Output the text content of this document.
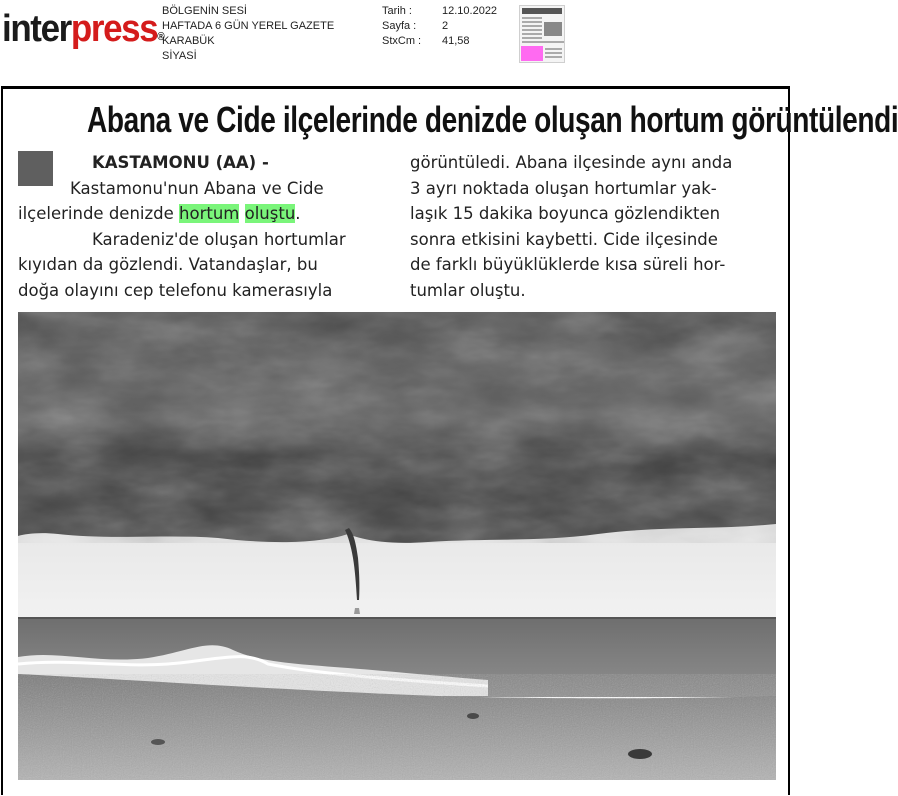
interpress®
BÖLGENİN SESİ
HAFTADA 6 GÜN YEREL GAZETE
KARABÜK
SİYASİ
Tarih :	12.10.2022
Sayfa :	2
StxCm :	41,58
Abana ve Cide ilçelerinde denizde oluşan hortum görüntülendi
KASTAMONU (AA) -
Kastamonu'nun Abana ve Cide
ilçelerinde denizde hortum oluştu.
Karadeniz'de oluşan hortumlar
kıyıdan da gözlendi. Vatandaşlar, bu
doğa olayını cep telefonu kamerasıyla
görüntüledi. Abana ilçesinde aynı anda
3 ayrı noktada oluşan hortumlar yak-
laşık 15 dakika boyunca gözlendikten
sonra etkisini kaybetti. Cide ilçesinde
de farklı büyüklüklerde kısa süreli hor-
tumlar oluştu.
